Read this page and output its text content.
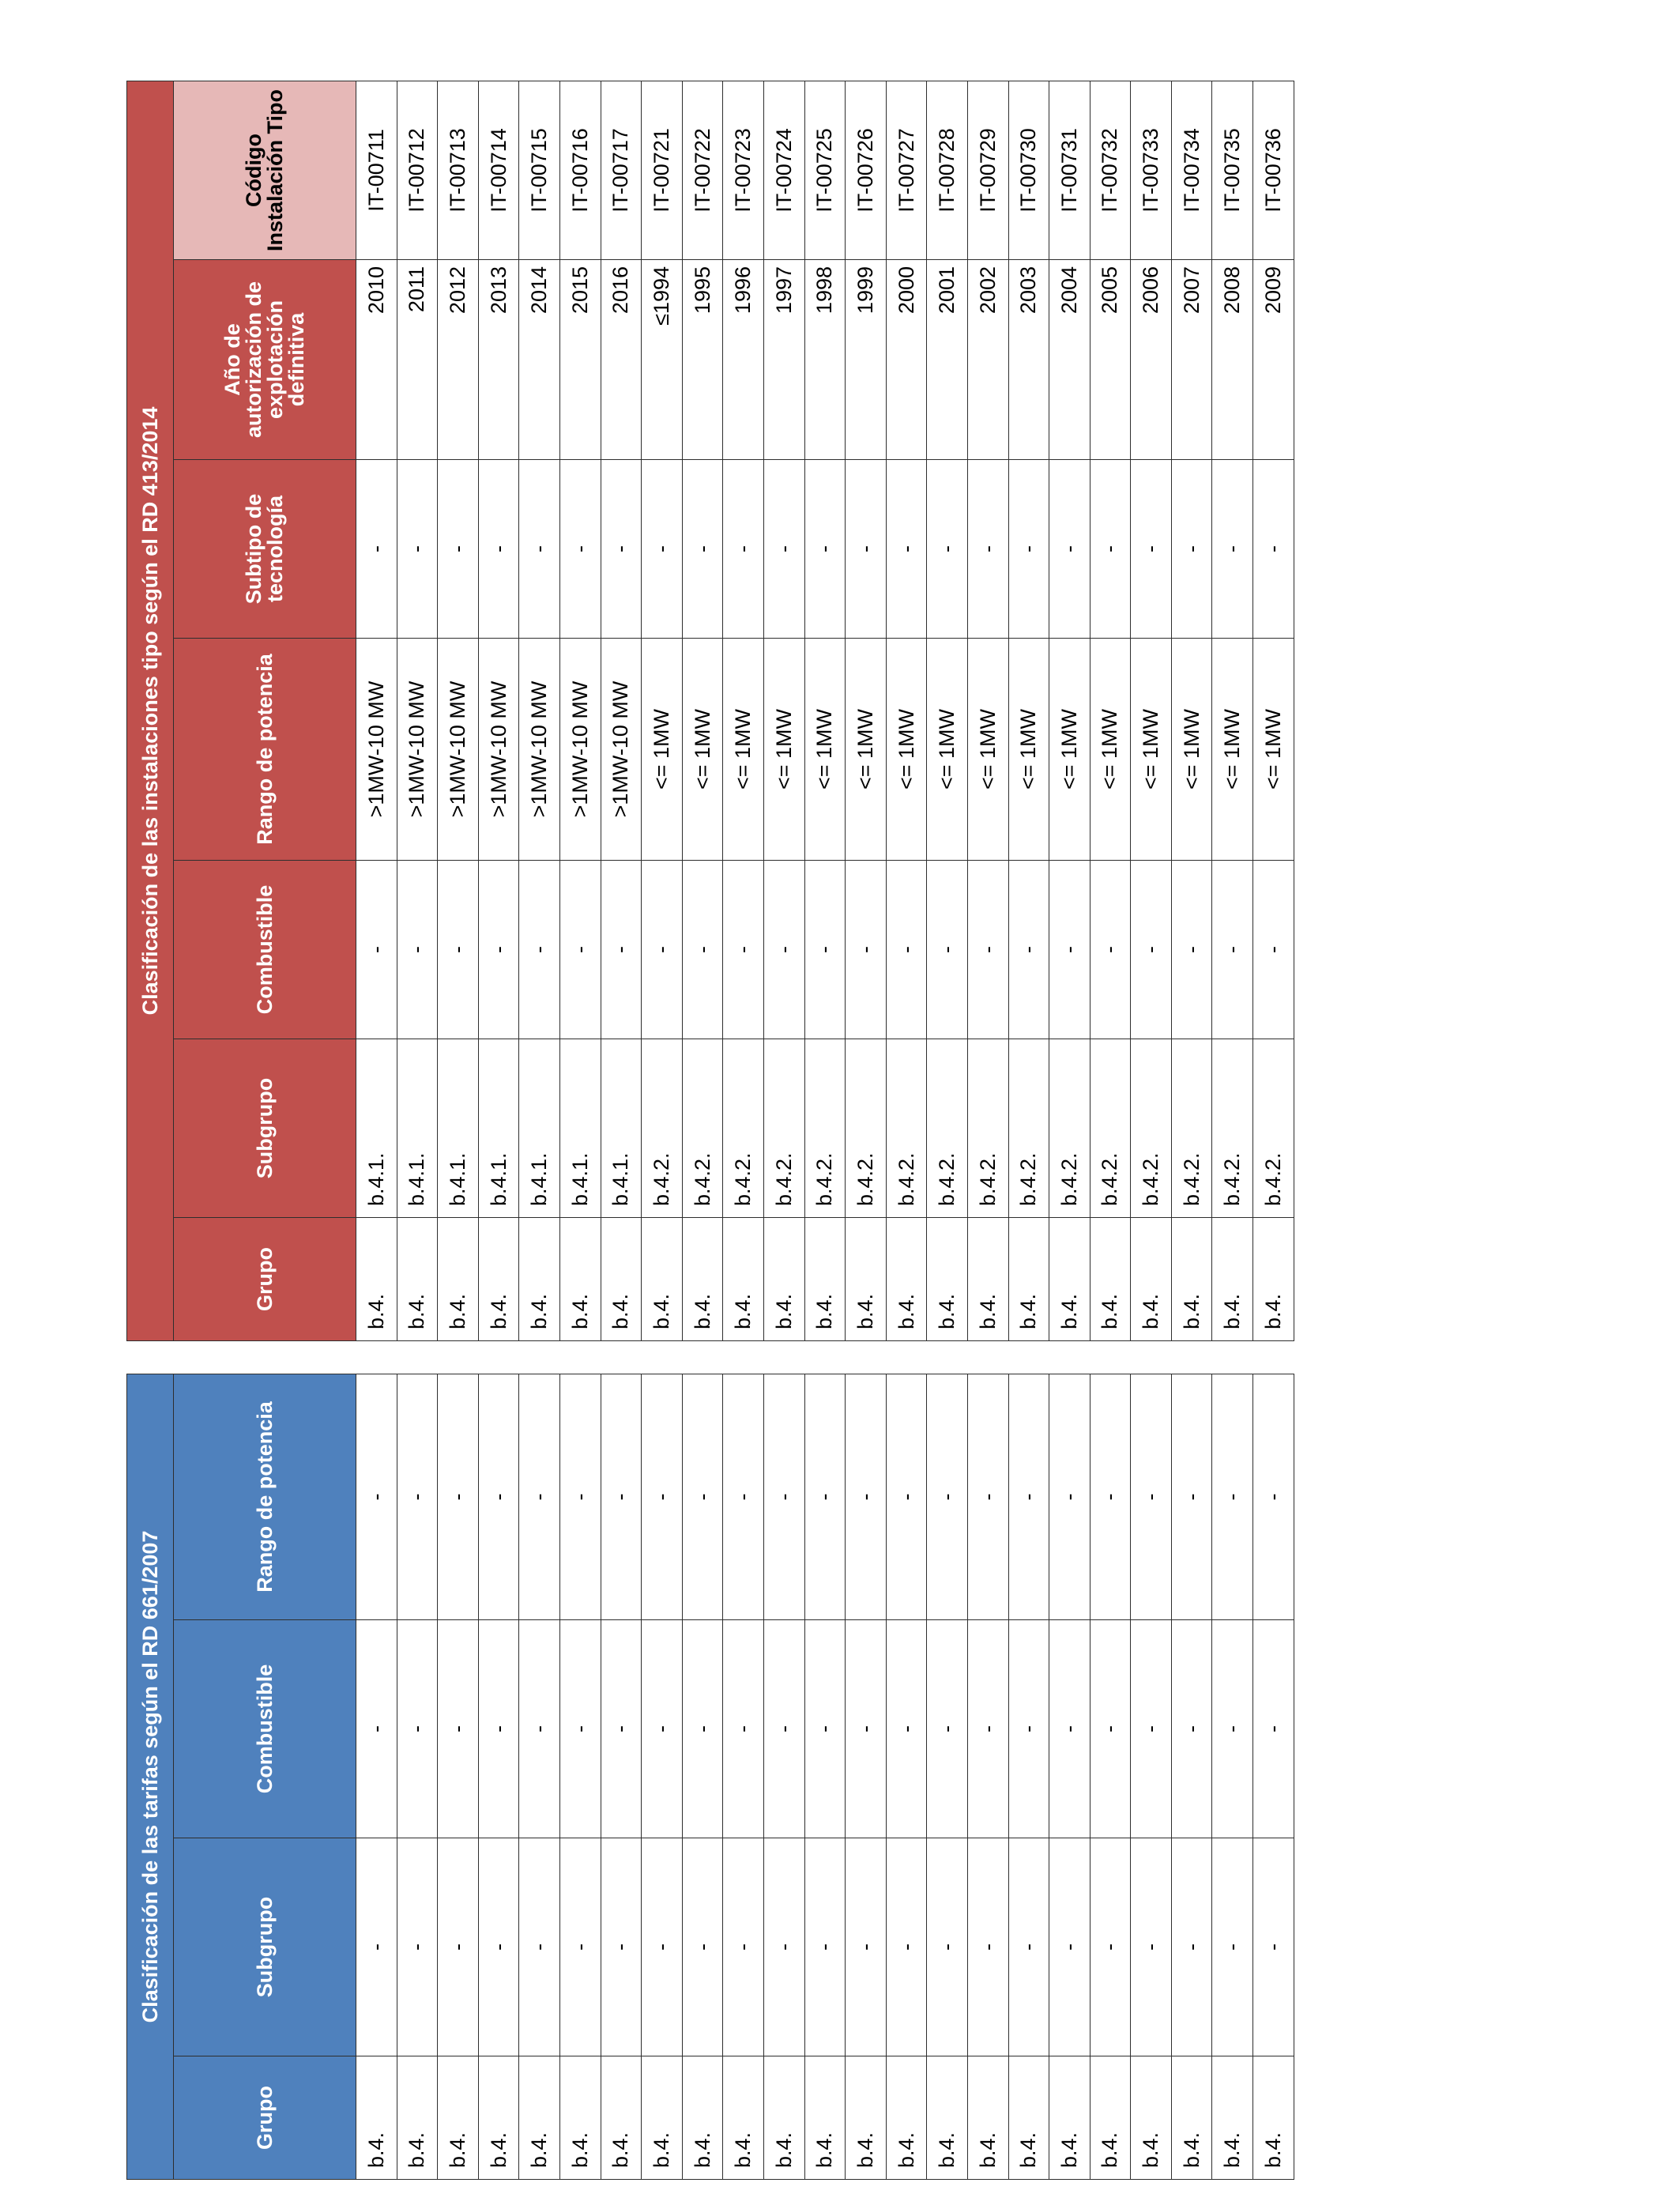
Clasificación de las instalaciones tipo según el RD 413/2014						
Grupo	Subgrupo	Combustible	Rango de potencia	Subtipo de tecnología	Año de autorización de explotación definitiva	Código Instalación Tipo
b.4.	b.4.1.	-	>1MW-10 MW	-	2010	IT-00711
b.4.	b.4.1.	-	>1MW-10 MW	-	2011	IT-00712
b.4.	b.4.1.	-	>1MW-10 MW	-	2012	IT-00713
b.4.	b.4.1.	-	>1MW-10 MW	-	2013	IT-00714
b.4.	b.4.1.	-	>1MW-10 MW	-	2014	IT-00715
b.4.	b.4.1.	-	>1MW-10 MW	-	2015	IT-00716
b.4.	b.4.1.	-	>1MW-10 MW	-	2016	IT-00717
b.4.	b.4.2.	-	<= 1MW	-	≤1994	IT-00721
b.4.	b.4.2.	-	<= 1MW	-	1995	IT-00722
b.4.	b.4.2.	-	<= 1MW	-	1996	IT-00723
b.4.	b.4.2.	-	<= 1MW	-	1997	IT-00724
b.4.	b.4.2.	-	<= 1MW	-	1998	IT-00725
b.4.	b.4.2.	-	<= 1MW	-	1999	IT-00726
b.4.	b.4.2.	-	<= 1MW	-	2000	IT-00727
b.4.	b.4.2.	-	<= 1MW	-	2001	IT-00728
b.4.	b.4.2.	-	<= 1MW	-	2002	IT-00729
b.4.	b.4.2.	-	<= 1MW	-	2003	IT-00730
b.4.	b.4.2.	-	<= 1MW	-	2004	IT-00731
b.4.	b.4.2.	-	<= 1MW	-	2005	IT-00732
b.4.	b.4.2.	-	<= 1MW	-	2006	IT-00733
b.4.	b.4.2.	-	<= 1MW	-	2007	IT-00734
b.4.	b.4.2.	-	<= 1MW	-	2008	IT-00735
b.4.	b.4.2.	-	<= 1MW	-	2009	IT-00736
Clasificación de las tarifas según el RD 661/2007			
Grupo	Subgrupo	Combustible	Rango de potencia
b.4.	-	-	-
b.4.	-	-	-
b.4.	-	-	-
b.4.	-	-	-
b.4.	-	-	-
b.4.	-	-	-
b.4.	-	-	-
b.4.	-	-	-
b.4.	-	-	-
b.4.	-	-	-
b.4.	-	-	-
b.4.	-	-	-
b.4.	-	-	-
b.4.	-	-	-
b.4.	-	-	-
b.4.	-	-	-
b.4.	-	-	-
b.4.	-	-	-
b.4.	-	-	-
b.4.	-	-	-
b.4.	-	-	-
b.4.	-	-	-
b.4.	-	-	-
